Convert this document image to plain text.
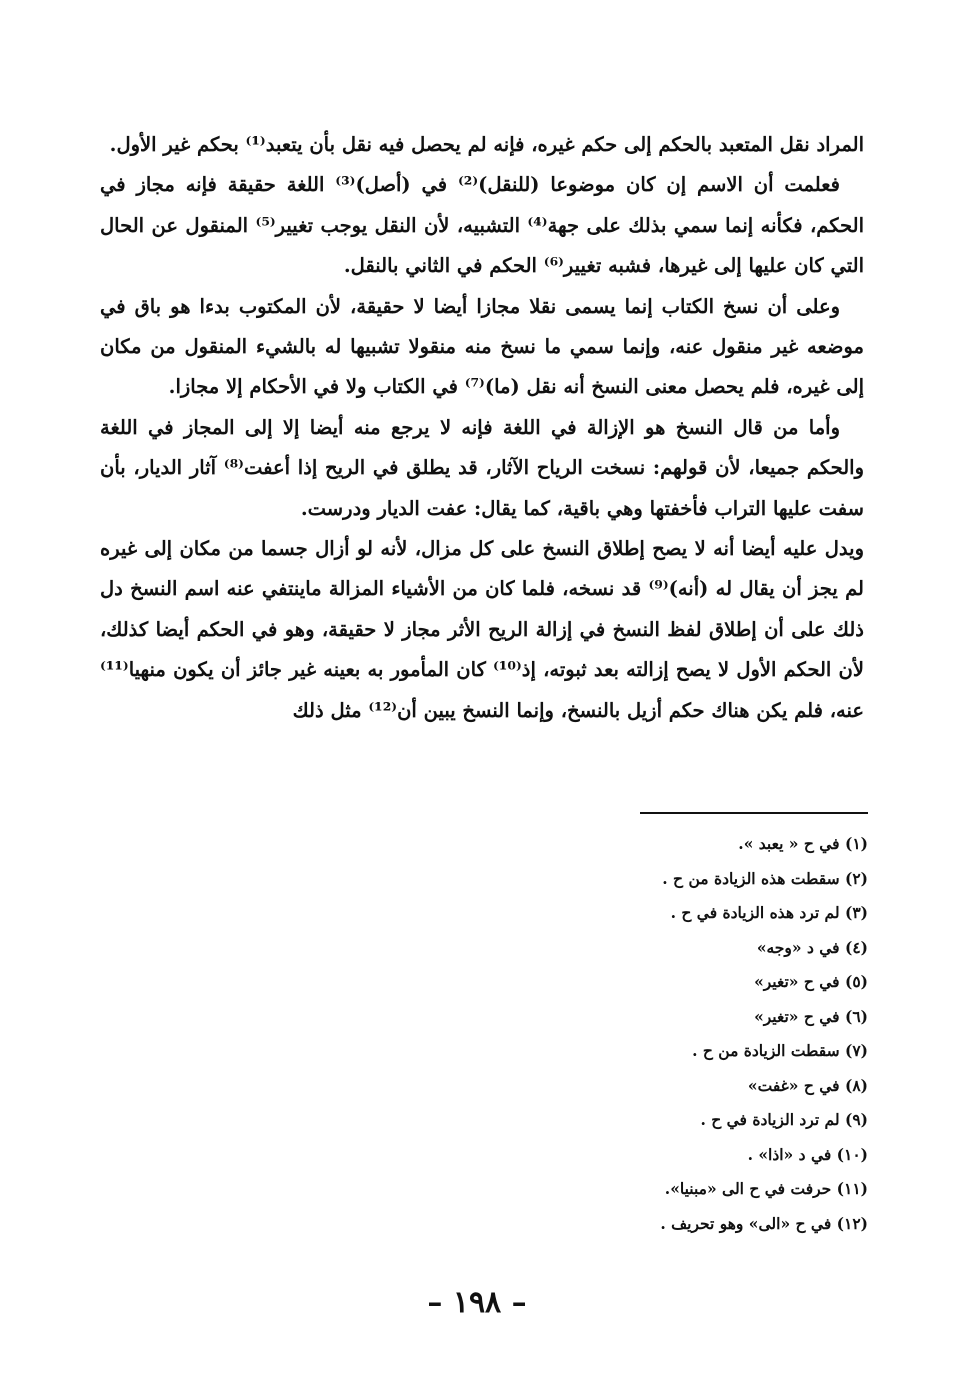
المراد نقل المتعبد بالحكم إلى حكم غيره، فإنه لم يحصل فيه نقل بأن يتعبد⁽¹⁾ بحكم غير الأول.

فعلمت أن الاسم إن كان موضوعا (للنقل)⁽²⁾ في (أصل)⁽³⁾ اللغة حقيقة فإنه مجاز في الحكم، فكأنه إنما سمي بذلك على جهة⁽⁴⁾ التشبيه، لأن النقل يوجب تغيير⁽⁵⁾ المنقول عن الحال التي كان عليها إلى غيرها، فشبه تغيير⁽⁶⁾ الحكم في الثاني بالنقل.

وعلى أن نسخ الكتاب إنما يسمى نقلا مجازا أيضا لا حقيقة، لأن المكتوب بدءا هو باق في موضعه غير منقول عنه، وإنما سمي ما نسخ منه منقولا تشبيها له بالشيء المنقول من مكان إلى غيره، فلم يحصل معنى النسخ أنه نقل (ما)⁽⁷⁾ في الكتاب ولا في الأحكام إلا مجازا.

وأما من قال النسخ هو الإزالة في اللغة فإنه لا يرجع منه أيضا إلا إلى المجاز في اللغة والحكم جميعا، لأن قولهم: نسخت الرياح الآثار، قد يطلق في الريح إذا أعفت⁽⁸⁾ آثار الديار، بأن سفت عليها التراب فأخفتها وهي باقية، كما يقال: عفت الديار ودرست.

ويدل عليه أيضا أنه لا يصح إطلاق النسخ على كل مزال، لأنه لو أزال جسما من مكان إلى غيره لم يجز أن يقال له (أنه)⁽⁹⁾ قد نسخه، فلما كان من الأشياء المزالة ماينتفي عنه اسم النسخ دل ذلك على أن إطلاق لفظ النسخ في إزالة الريح الأثر مجاز لا حقيقة، وهو في الحكم أيضا كذلك، لأن الحكم الأول لا يصح إزالته بعد ثبوته، إذ⁽¹⁰⁾ كان المأمور به بعينه غير جائز أن يكون منهيا⁽¹¹⁾ عنه، فلم يكن هناك حكم أزيل بالنسخ، وإنما النسخ يبين أن⁽¹²⁾ مثل ذلك

(١) في ح « يعبد ».

(٢) سقطت هذه الزيادة من ح .

(٣) لم ترد هذه الزيادة في ح .

(٤) في د «وجه»

(٥) في ح «تغير»

(٦) في ح «تغير»

(٧) سقطت الزيادة من ح .

(٨) في ح «غفت»

(٩) لم ترد الزيادة في ح .

(١٠) في د «اذا» .

(١١) حرفت في ح الى «مبنيا».

(١٢) في ح «الى» وهو تحريف .

– ١٩٨ –
